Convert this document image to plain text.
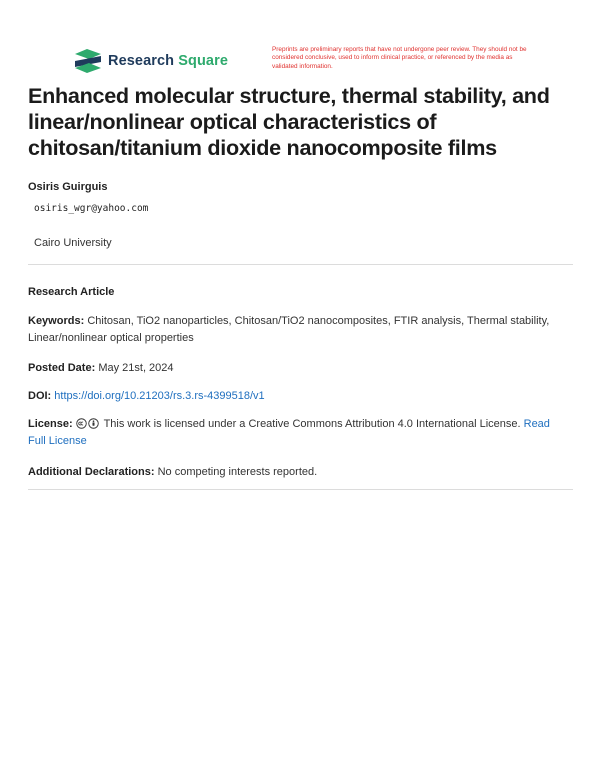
Research Square
Preprints are preliminary reports that have not undergone peer review. They should not be considered conclusive, used to inform clinical practice, or referenced by the media as validated information.
Enhanced molecular structure, thermal stability, and linear/nonlinear optical characteristics of chitosan/titanium dioxide nanocomposite films
Osiris Guirguis
osiris_wgr@yahoo.com
Cairo University
Research Article
Keywords: Chitosan, TiO2 nanoparticles, Chitosan/TiO2 nanocomposites, FTIR analysis, Thermal stability, Linear/nonlinear optical properties
Posted Date: May 21st, 2024
DOI: https://doi.org/10.21203/rs.3.rs-4399518/v1
License:	This work is licensed under a Creative Commons Attribution 4.0 International License. Read Full License
Additional Declarations: No competing interests reported.
